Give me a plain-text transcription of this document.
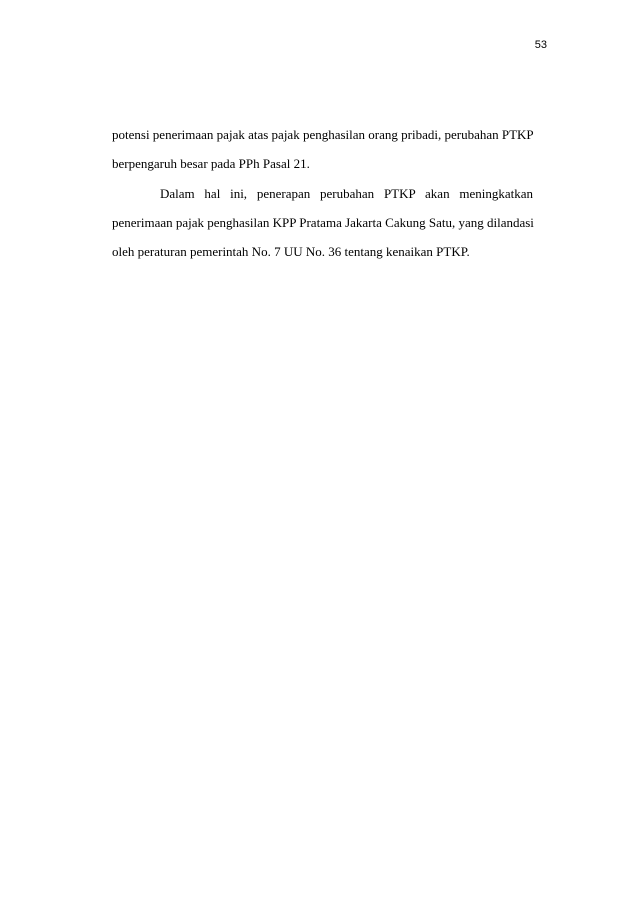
53
potensi penerimaan pajak atas pajak penghasilan orang pribadi, perubahan PTKP
berpengaruh besar pada PPh Pasal 21.
Dalam hal ini, penerapan perubahan PTKP akan meningkatkan
penerimaan pajak penghasilan KPP Pratama Jakarta Cakung Satu, yang dilandasi
oleh peraturan pemerintah No. 7 UU No. 36 tentang kenaikan PTKP.
